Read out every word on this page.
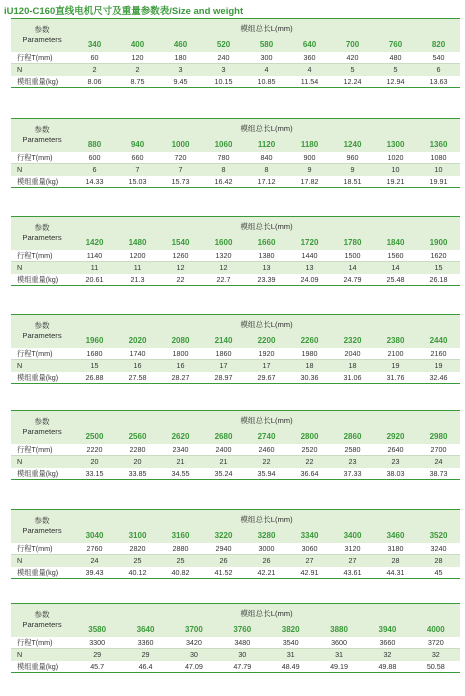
iU120-C160直线电机尺寸及重量参数表/Size and weight
参数
Parameters	模组总长L(mm)								
	340	400	460	520	580	640	700	760	820
行程T(mm)	60	120	180	240	300	360	420	480	540
N	2	2	3	3	4	4	5	5	6
模组重量(kg)	8.06	8.75	9.45	10.15	10.85	11.54	12.24	12.94	13.63
参数
Parameters	模组总长L(mm)								
	880	940	1000	1060	1120	1180	1240	1300	1360
行程T(mm)	600	660	720	780	840	900	960	1020	1080
N	6	7	7	8	8	9	9	10	10
模组重量(kg)	14.33	15.03	15.73	16.42	17.12	17.82	18.51	19.21	19.91
参数
Parameters	模组总长L(mm)								
	1420	1480	1540	1600	1660	1720	1780	1840	1900
行程T(mm)	1140	1200	1260	1320	1380	1440	1500	1560	1620
N	11	11	12	12	13	13	14	14	15
模组重量(kg)	20.61	21.3	22	22.7	23.39	24.09	24.79	25.48	26.18
参数
Parameters	模组总长L(mm)								
	1960	2020	2080	2140	2200	2260	2320	2380	2440
行程T(mm)	1680	1740	1800	1860	1920	1980	2040	2100	2160
N	15	16	16	17	17	18	18	19	19
模组重量(kg)	26.88	27.58	28.27	28.97	29.67	30.36	31.06	31.76	32.46
参数
Parameters	模组总长L(mm)								
	2500	2560	2620	2680	2740	2800	2860	2920	2980
行程T(mm)	2220	2280	2340	2400	2460	2520	2580	2640	2700
N	20	20	21	21	22	22	23	23	24
模组重量(kg)	33.15	33.85	34.55	35.24	35.94	36.64	37.33	38.03	38.73
参数
Parameters	模组总长L(mm)								
	3040	3100	3160	3220	3280	3340	3400	3460	3520
行程T(mm)	2760	2820	2880	2940	3000	3060	3120	3180	3240
N	24	25	25	26	26	27	27	28	28
模组重量(kg)	39.43	40.12	40.82	41.52	42.21	42.91	43.61	44.31	45
参数
Parameters	模组总长L(mm)							
	3580	3640	3700	3760	3820	3880	3940	4000
行程T(mm)	3300	3360	3420	3480	3540	3600	3660	3720
N	29	29	30	30	31	31	32	32
模组重量(kg)	45.7	46.4	47.09	47.79	48.49	49.19	49.88	50.58
